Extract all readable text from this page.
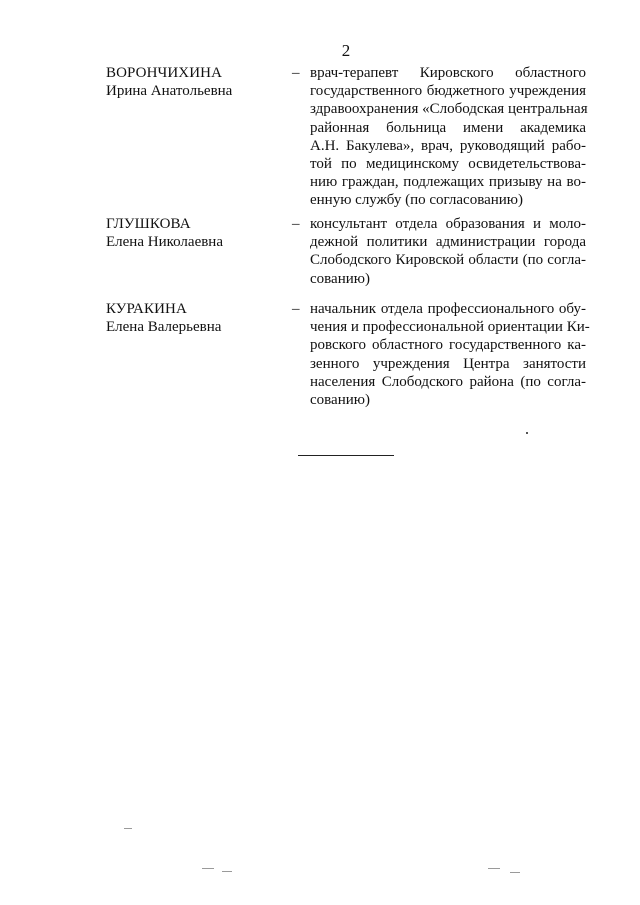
2
ВОРОНЧИХИНА
Ирина Анатольевна
– врач-терапевт Кировского областного
государственного бюджетного учреждения
здравоохранения «Слободская центральная
районная больница имени академика
А.Н. Бакулева», врач, руководящий рабо-
той по медицинскому освидетельствова-
нию граждан, подлежащих призыву на во-
енную службу (по согласованию)
ГЛУШКОВА
Елена Николаевна
– консультант отдела образования и моло-
дежной политики администрации города
Слободского Кировской области (по согла-
сованию)
КУРАКИНА
Елена Валерьевна
– начальник отдела профессионального обу-
чения и профессиональной ориентации Ки-
ровского областного государственного ка-
зенного учреждения Центра занятости
населения Слободского района (по согла-
сованию)
